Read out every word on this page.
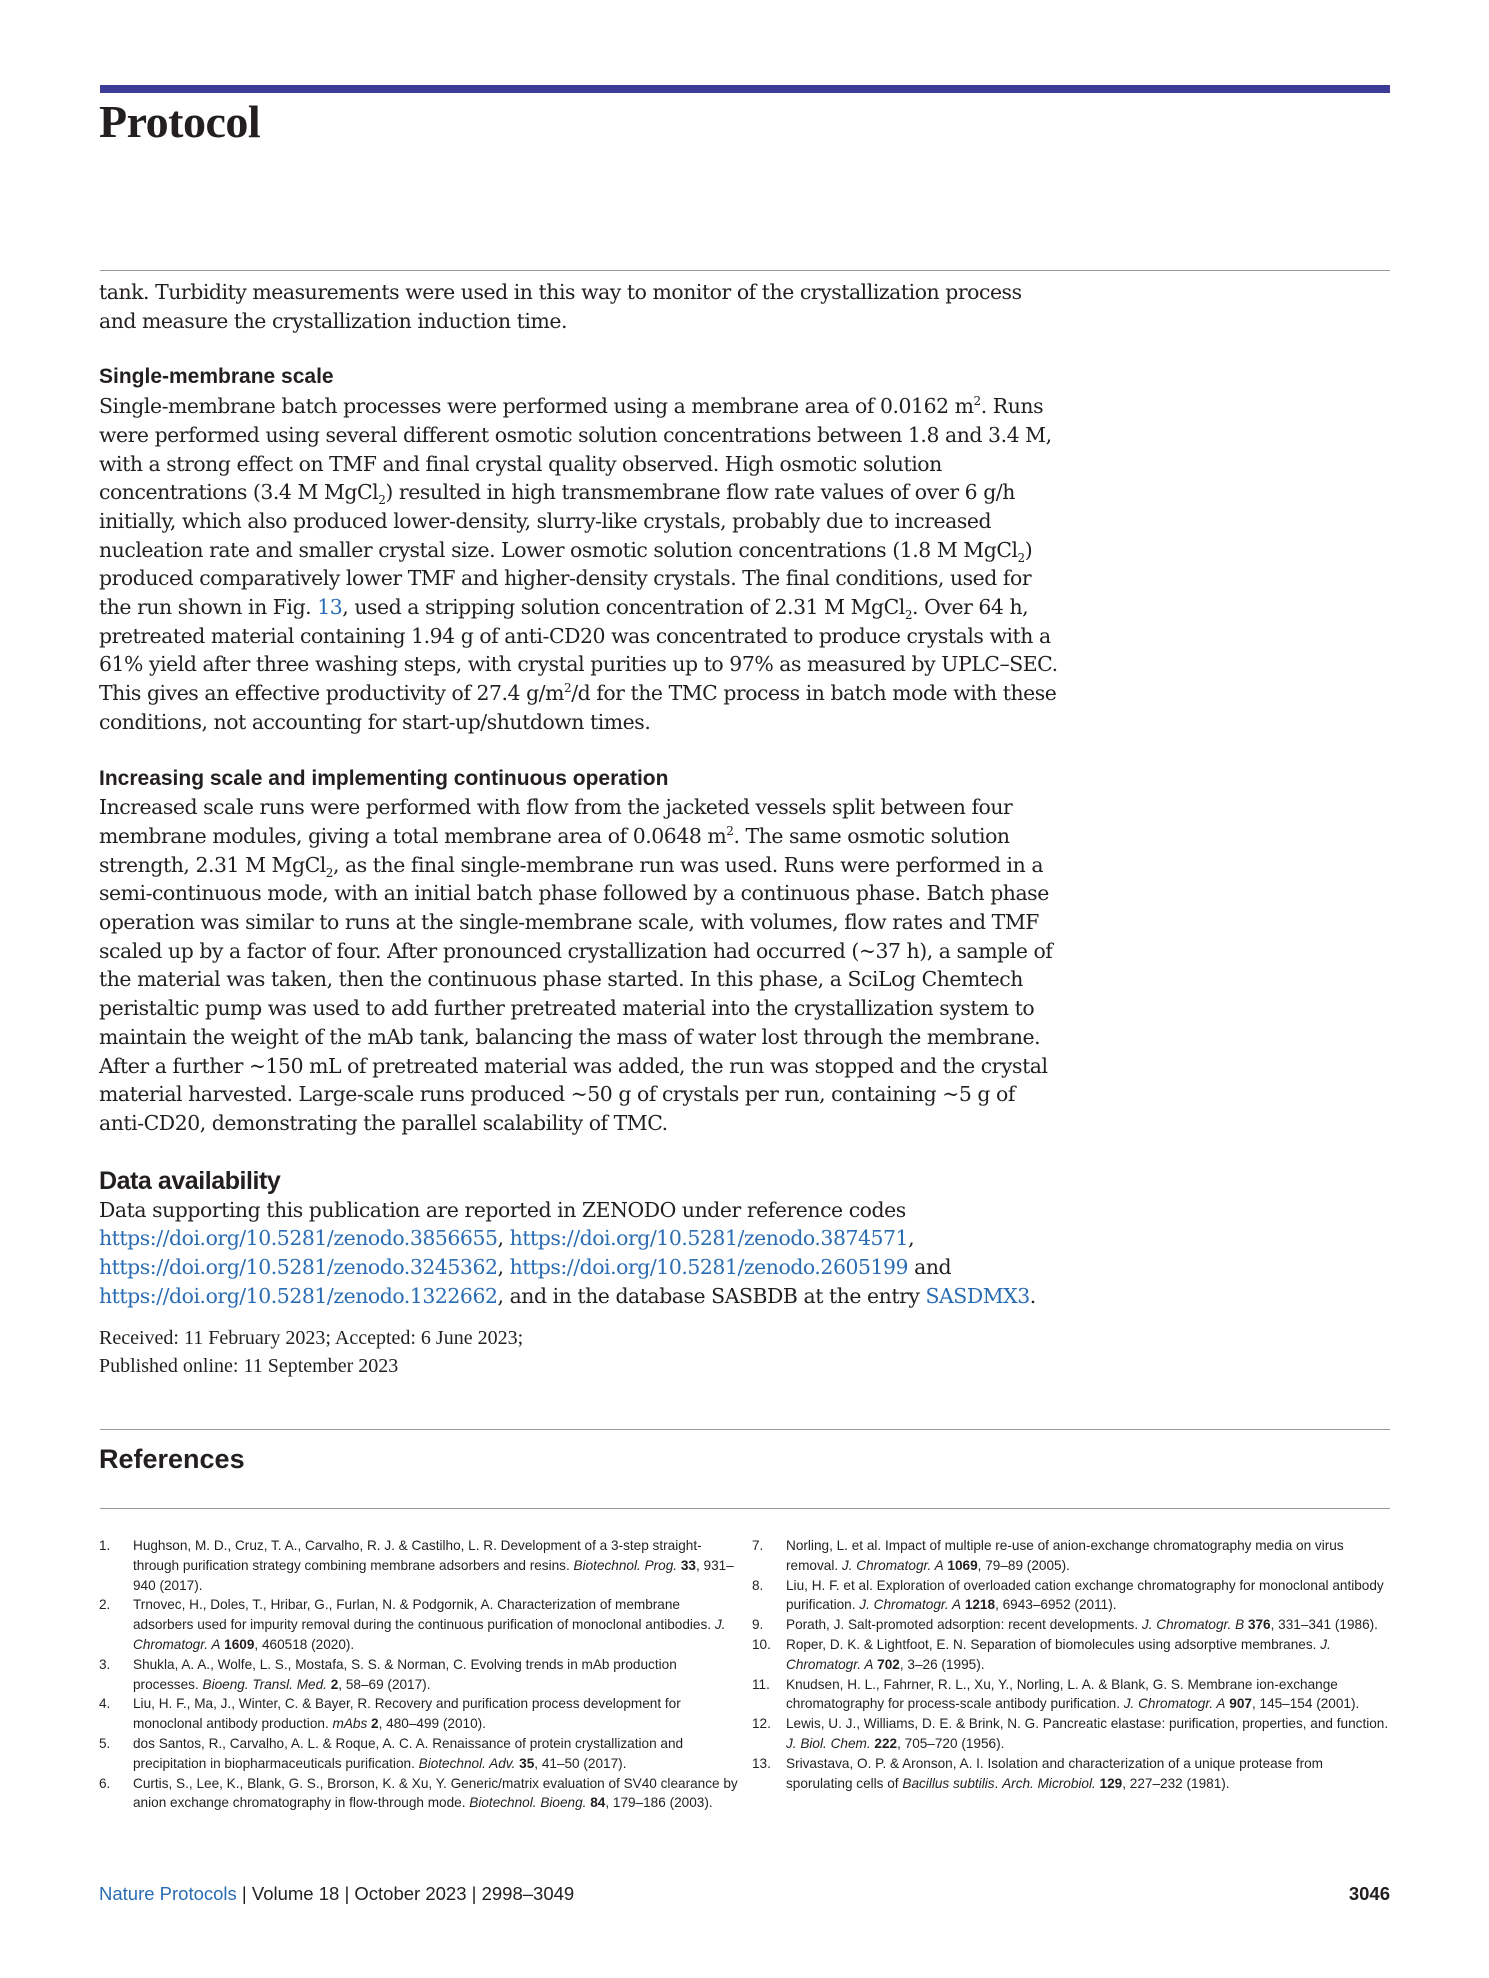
Protocol

tank. Turbidity measurements were used in this way to monitor of the crystallization process and measure the crystallization induction time.

Single-membrane scale

Single-membrane batch processes were performed using a membrane area of 0.0162 $m^2$. Runs were performed using several different osmotic solution concentrations between 1.8 and 3.4 M, with a strong effect on TMF and final crystal quality observed. High osmotic solution concentrations (3.4 M MgCl$_2$) resulted in high transmembrane flow rate values of over 6 g/h initially, which also produced lower-density, slurry-like crystals, probably due to increased nucleation rate and smaller crystal size. Lower osmotic solution concentrations (1.8 M MgCl$_2$) produced comparatively lower TMF and higher-density crystals. The final conditions, used for the run shown in Fig. 13, used a stripping solution concentration of 2.31 M MgCl$_2$. Over 64 h, pretreated material containing 1.94 g of anti-CD20 was concentrated to produce crystals with a 61% yield after three washing steps, with crystal purities up to 97% as measured by UPLC–SEC. This gives an effective productivity of 27.4 $g/m^2/d$ for the TMC process in batch mode with these conditions, not accounting for start-up/shutdown times.

Increasing scale and implementing continuous operation

Increased scale runs were performed with flow from the jacketed vessels split between four membrane modules, giving a total membrane area of 0.0648 $m^2$. The same osmotic solution strength, 2.31 M MgCl$_2$, as the final single-membrane run was used. Runs were performed in a semi-continuous mode, with an initial batch phase followed by a continuous phase. Batch phase operation was similar to runs at the single-membrane scale, with volumes, flow rates and TMF scaled up by a factor of four. After pronounced crystallization had occurred (~37 h), a sample of the material was taken, then the continuous phase started. In this phase, a SciLog Chemtech peristaltic pump was used to add further pretreated material into the crystallization system to maintain the weight of the mAb tank, balancing the mass of water lost through the membrane. After a further ~150 mL of pretreated material was added, the run was stopped and the crystal material harvested. Large-scale runs produced ~50 g of crystals per run, containing ~5 g of anti-CD20, demonstrating the parallel scalability of TMC.

Data availability

Data supporting this publication are reported in ZENODO under reference codes https://doi.org/10.5281/zenodo.3856655, https://doi.org/10.5281/zenodo.3874571, https://doi.org/10.5281/zenodo.3245362, https://doi.org/10.5281/zenodo.2605199 and https://doi.org/10.5281/zenodo.1322662, and in the database SASBDB at the entry SASDMX3.

Received: 11 February 2023; Accepted: 6 June 2023;
Published online: 11 September 2023
References
1.	Hughson, M. D., Cruz, T. A., Carvalho, R. J. & Castilho, L. R. Development of a 3-step straight-through purification strategy combining membrane adsorbers and resins. Biotechnol. Prog. 33, 931–940 (2017).
2.	Trnovec, H., Doles, T., Hribar, G., Furlan, N. & Podgornik, A. Characterization of membrane adsorbers used for impurity removal during the continuous purification of monoclonal antibodies. J. Chromatogr. A 1609, 460518 (2020).
3.	Shukla, A. A., Wolfe, L. S., Mostafa, S. S. & Norman, C. Evolving trends in mAb production processes. Bioeng. Transl. Med. 2, 58–69 (2017).
4.	Liu, H. F., Ma, J., Winter, C. & Bayer, R. Recovery and purification process development for monoclonal antibody production. mAbs 2, 480–499 (2010).
5.	dos Santos, R., Carvalho, A. L. & Roque, A. C. A. Renaissance of protein crystallization and precipitation in biopharmaceuticals purification. Biotechnol. Adv. 35, 41–50 (2017).
6.	Curtis, S., Lee, K., Blank, G. S., Brorson, K. & Xu, Y. Generic/matrix evaluation of SV40 clearance by anion exchange chromatography in flow-through mode. Biotechnol. Bioeng. 84, 179–186 (2003).
7.	Norling, L. et al. Impact of multiple re-use of anion-exchange chromatography media on virus removal. J. Chromatogr. A 1069, 79–89 (2005).
8.	Liu, H. F. et al. Exploration of overloaded cation exchange chromatography for monoclonal antibody purification. J. Chromatogr. A 1218, 6943–6952 (2011).
9.	Porath, J. Salt-promoted adsorption: recent developments. J. Chromatogr. B 376, 331–341 (1986).
10.	Roper, D. K. & Lightfoot, E. N. Separation of biomolecules using adsorptive membranes. J. Chromatogr. A 702, 3–26 (1995).
11.	Knudsen, H. L., Fahrner, R. L., Xu, Y., Norling, L. A. & Blank, G. S. Membrane ion-exchange chromatography for process-scale antibody purification. J. Chromatogr. A 907, 145–154 (2001).
12.	Lewis, U. J., Williams, D. E. & Brink, N. G. Pancreatic elastase: purification, properties, and function. J. Biol. Chem. 222, 705–720 (1956).
13.	Srivastava, O. P. & Aronson, A. I. Isolation and characterization of a unique protease from sporulating cells of Bacillus subtilis. Arch. Microbiol. 129, 227–232 (1981).
Nature Protocols | Volume 18 | October 2023 | 2998–3049	3046
